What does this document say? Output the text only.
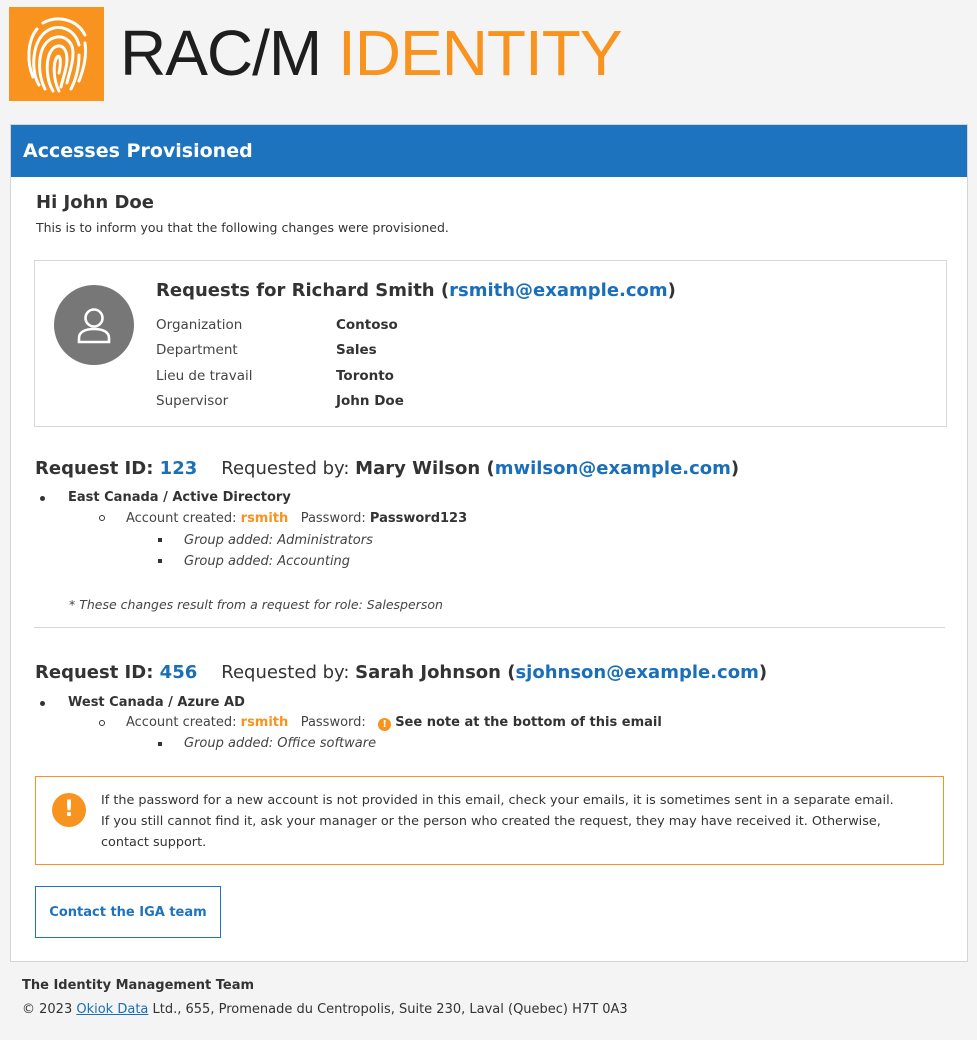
RAC/M IDENTITY
Accesses Provisioned
Hi John Doe
This is to inform you that the following changes were provisioned.
Requests for Richard Smith (rsmith@example.com)
Organization	Contoso
Department	Sales
Lieu de travail	Toronto
Supervisor	John Doe
Request ID: 123 Requested by: Mary Wilson (mwilson@example.com)
East Canada / Active Directory
Account created: rsmith Password: Password123
Group added: Administrators
Group added: Accounting
* These changes result from a request for role: Salesperson
Request ID: 456 Requested by: Sarah Johnson (sjohnson@example.com)
West Canada / Azure AD
Account created: rsmith Password:   ! See note at the bottom of this email
Group added: Office software
!	If the password for a new account is not provided in this email, check your emails, it is sometimes sent in a separate email.
If you still cannot find it, ask your manager or the person who created the request, they may have received it. Otherwise,
contact support.
Contact the IGA team
The Identity Management Team
© 2023 Okiok Data Ltd., 655, Promenade du Centropolis, Suite 230, Laval (Quebec) H7T 0A3
